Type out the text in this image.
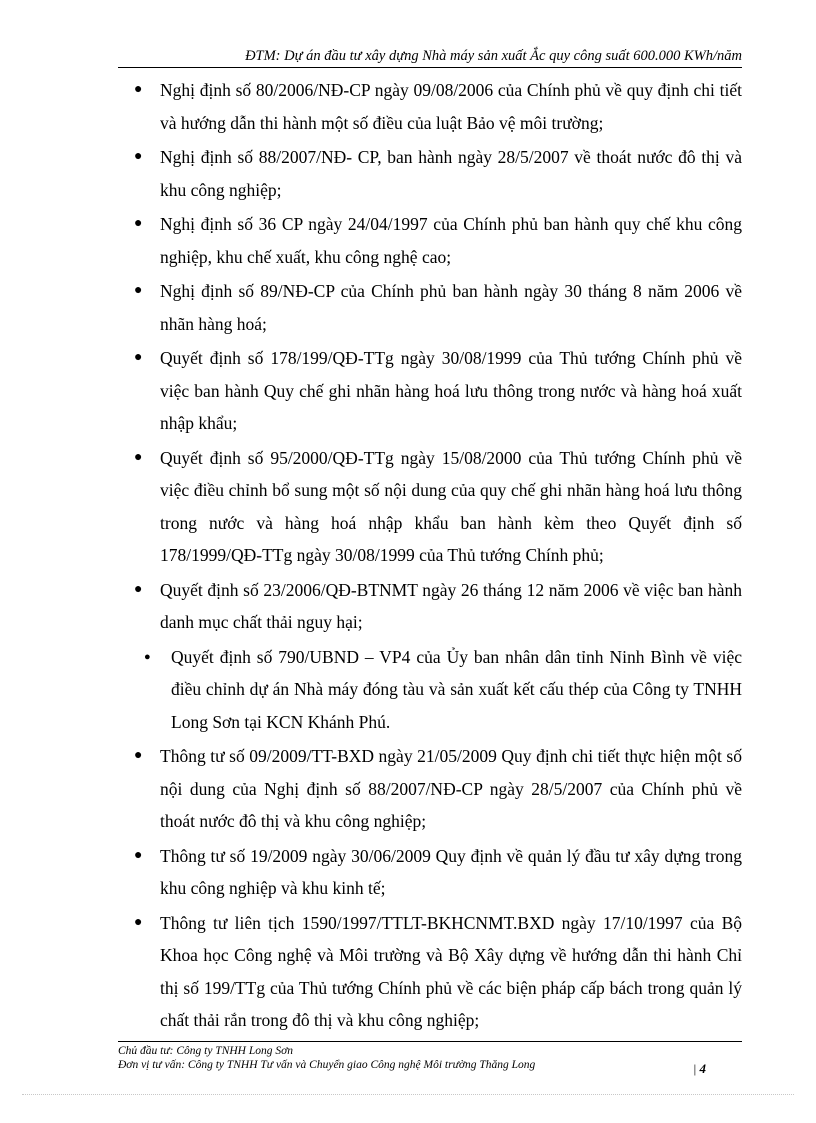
ĐTM: Dự án đầu tư xây dựng Nhà máy sản xuất Ắc quy công suất 600.000 KWh/năm
● Nghị định số 80/2006/NĐ-CP ngày 09/08/2006 của Chính phủ về quy định chi tiết và hướng dẫn thi hành một số điều của luật Bảo vệ môi trường;
● Nghị định số 88/2007/NĐ- CP, ban hành ngày 28/5/2007 về thoát nước đô thị và khu công nghiệp;
● Nghị định số 36 CP ngày 24/04/1997 của Chính phủ ban hành quy chế khu công nghiệp, khu chế xuất, khu công nghệ cao;
● Nghị định số 89/NĐ-CP của Chính phủ ban hành ngày 30 tháng 8 năm 2006 về nhãn hàng hoá;
● Quyết định số 178/199/QĐ-TTg ngày 30/08/1999 của Thủ tướng Chính phủ về việc ban hành Quy chế ghi nhãn hàng hoá lưu thông trong nước và hàng hoá xuất nhập khẩu;
● Quyết định số 95/2000/QĐ-TTg ngày 15/08/2000 của Thủ tướng Chính phủ về việc điều chỉnh bổ sung một số nội dung của quy chế ghi nhãn hàng hoá lưu thông trong nước và hàng hoá nhập khẩu ban hành kèm theo Quyết định số 178/1999/QĐ-TTg ngày 30/08/1999 của Thủ tướng Chính phủ;
● Quyết định số 23/2006/QĐ-BTNMT ngày 26 tháng 12 năm 2006 về việc ban hành danh mục chất thải nguy hại;
● Quyết định số 790/UBND – VP4 của Ủy ban nhân dân tỉnh Ninh Bình về việc điều chỉnh dự án Nhà máy đóng tàu và sản xuất kết cấu thép của Công ty TNHH Long Sơn tại KCN Khánh Phú.
● Thông tư số 09/2009/TT-BXD ngày 21/05/2009 Quy định chi tiết thực hiện một số nội dung của Nghị định số 88/2007/NĐ-CP ngày 28/5/2007 của Chính phủ về thoát nước đô thị và khu công nghiệp;
● Thông tư số 19/2009 ngày 30/06/2009 Quy định về quản lý đầu tư xây dựng trong khu công nghiệp và khu kinh tế;
● Thông tư liên tịch 1590/1997/TTLT-BKHCNMT.BXD ngày 17/10/1997 của Bộ Khoa học Công nghệ và Môi trường và Bộ Xây dựng về hướng dẫn thi hành Chỉ thị số 199/TTg của Thủ tướng Chính phủ về các biện pháp cấp bách trong quản lý chất thải rắn trong đô thị và khu công nghiệp;
Chủ đầu tư: Công ty TNHH Long Sơn
Đơn vị tư vấn: Công ty TNHH Tư vấn và Chuyển giao Công nghệ Môi trường Thăng Long	| 4
